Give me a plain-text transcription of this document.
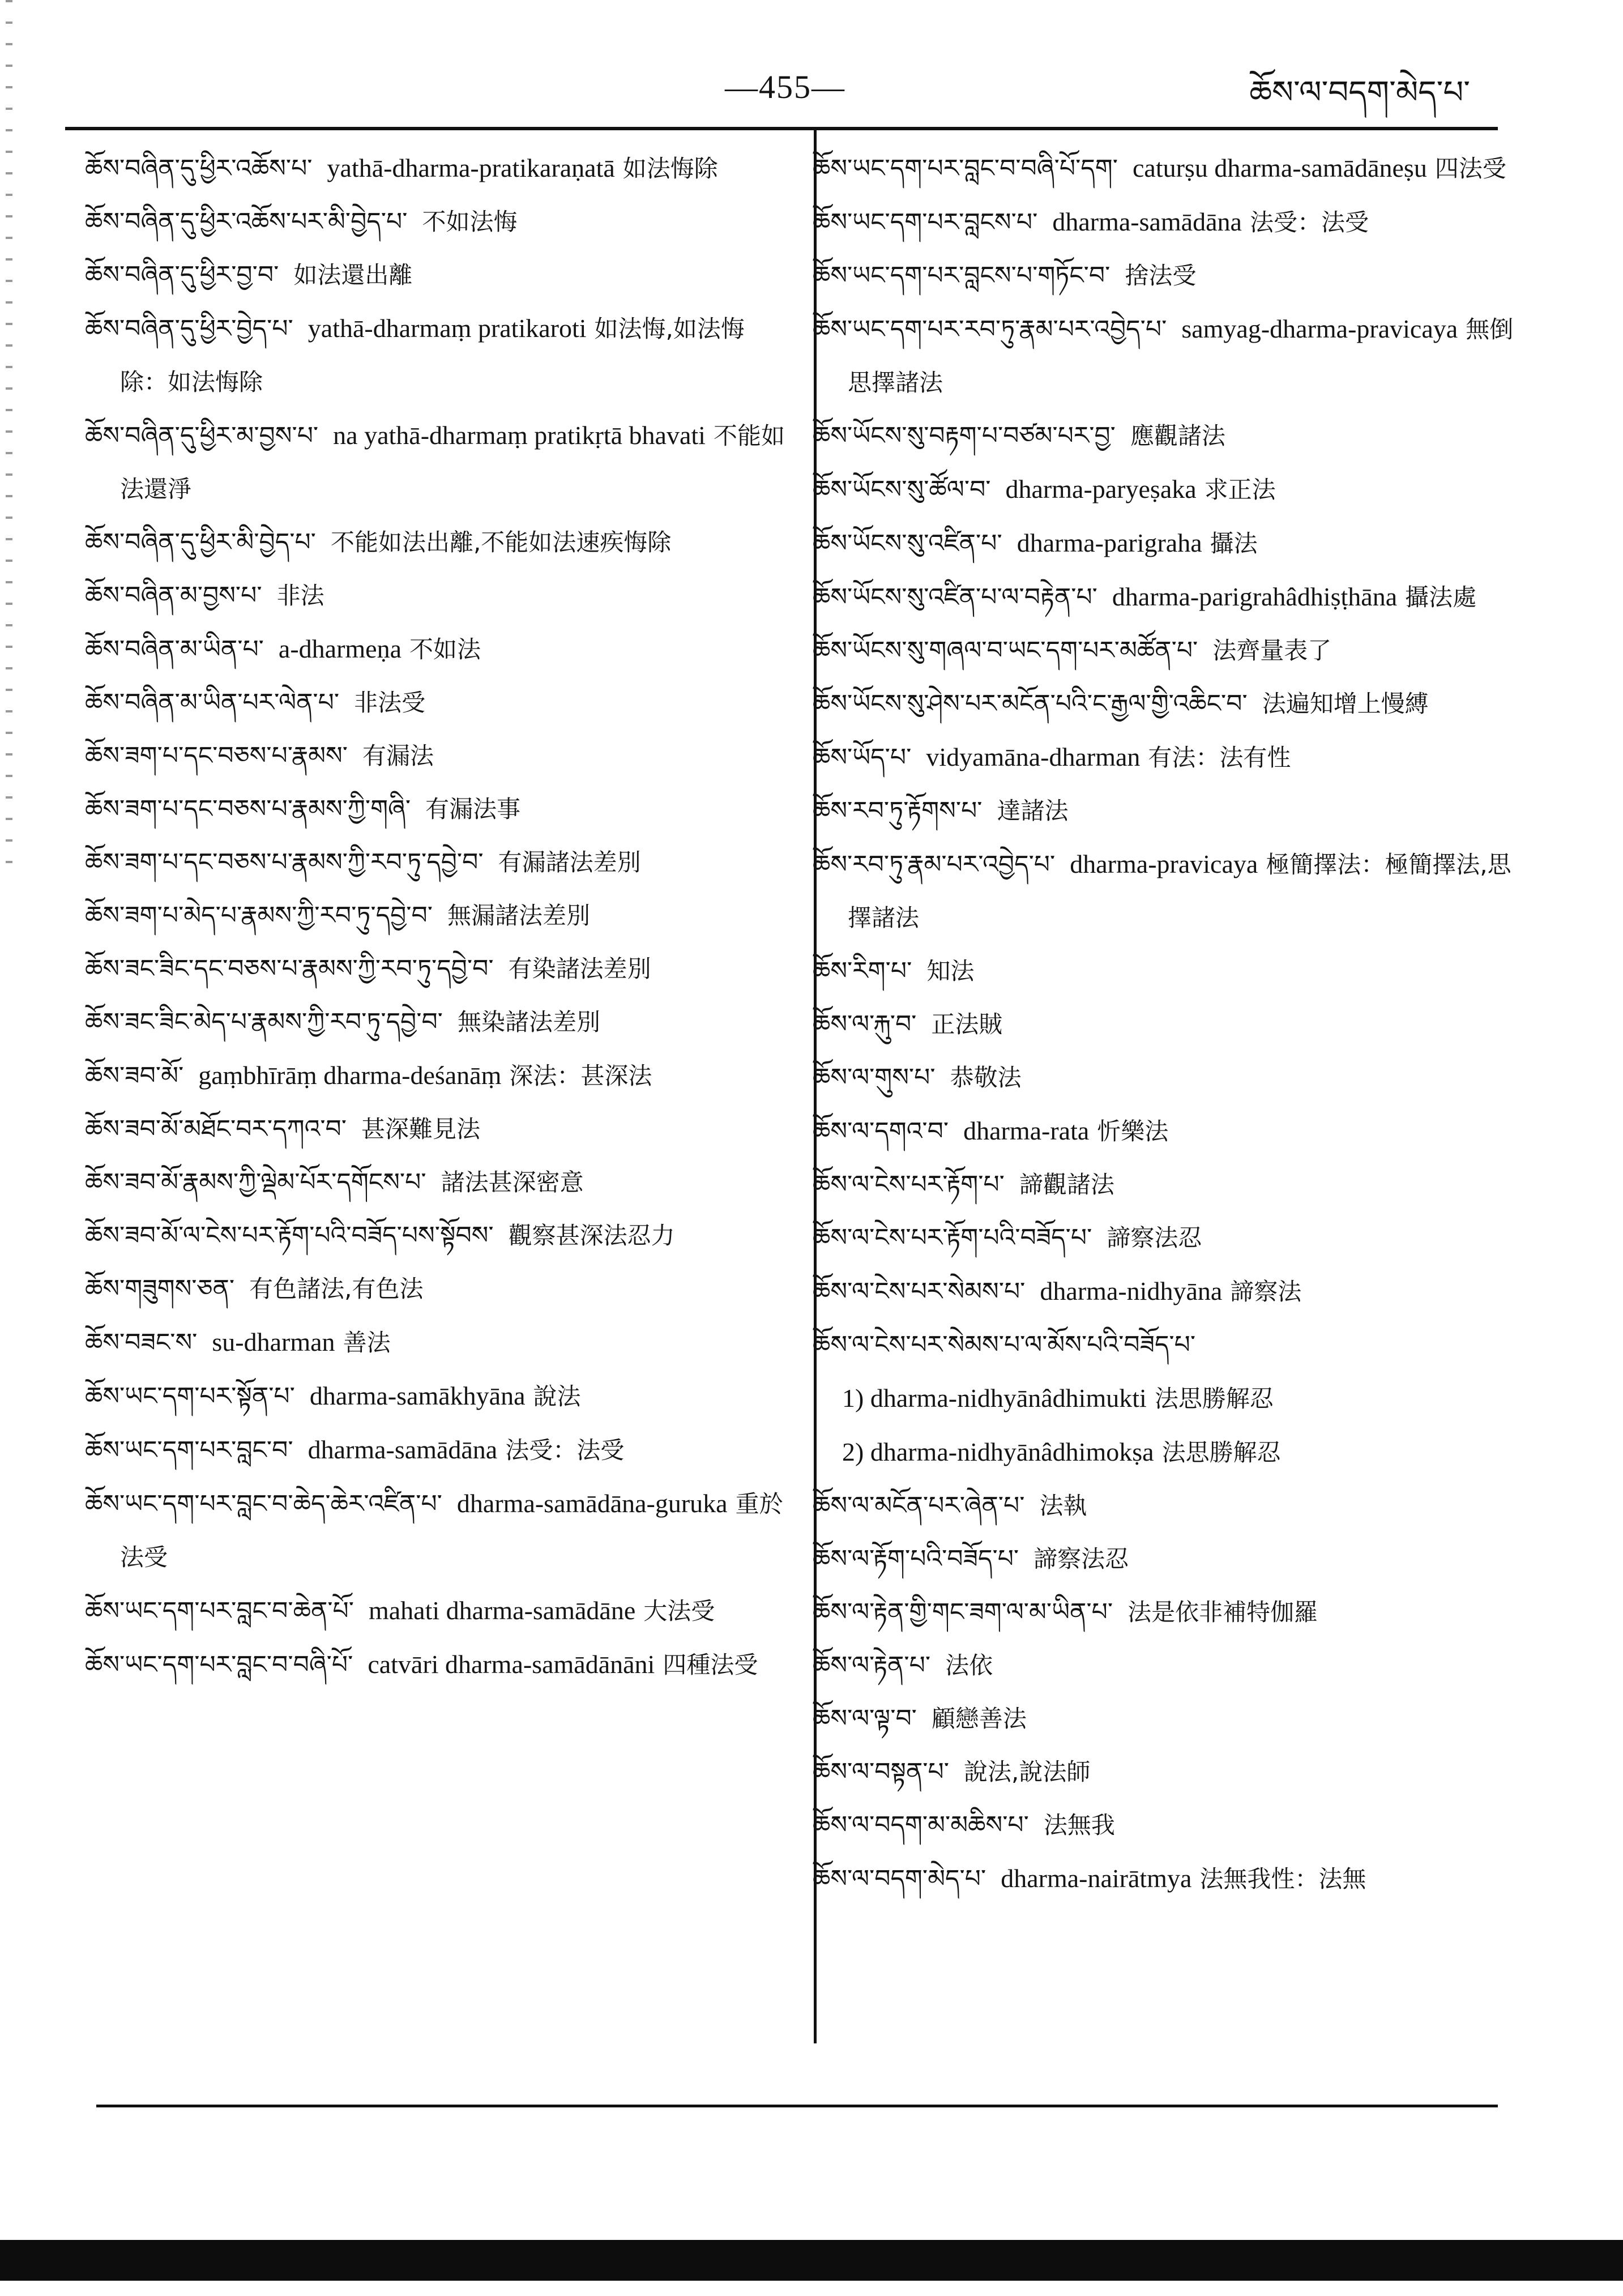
—455—	ཆོས་ལ་བདག་མེད་པ་
ཆོས་བཞིན་དུ་ཕྱིར་འཆོས་པ་ yathā-dharma-pratikaraṇatā 如法悔除
ཆོས་བཞིན་དུ་ཕྱིར་འཆོས་པར་མི་བྱེད་པ་ 不如法悔
ཆོས་བཞིན་དུ་ཕྱིར་བྱ་བ་ 如法還出離
ཆོས་བཞིན་དུ་ཕྱིར་བྱེད་པ་ yathā-dharmaṃ pratikaroti 如法悔,如法悔除：如法悔除
ཆོས་བཞིན་དུ་ཕྱིར་མ་བྱས་པ་ na yathā-dharmaṃ pratikṛtā bhavati 不能如法還淨
ཆོས་བཞིན་དུ་ཕྱིར་མི་བྱེད་པ་ 不能如法出離,不能如法速疾悔除
ཆོས་བཞིན་མ་བྱས་པ་ 非法
ཆོས་བཞིན་མ་ཡིན་པ་ a-dharmeṇa 不如法
ཆོས་བཞིན་མ་ཡིན་པར་ལེན་པ་ 非法受
ཆོས་ཟག་པ་དང་བཅས་པ་རྣམས་ 有漏法
ཆོས་ཟག་པ་དང་བཅས་པ་རྣམས་ཀྱི་གཞི་ 有漏法事
ཆོས་ཟག་པ་དང་བཅས་པ་རྣམས་ཀྱི་རབ་ཏུ་དབྱེ་བ་ 有漏諸法差別
ཆོས་ཟག་པ་མེད་པ་རྣམས་ཀྱི་རབ་ཏུ་དབྱེ་བ་ 無漏諸法差別
ཆོས་ཟང་ཟིང་དང་བཅས་པ་རྣམས་ཀྱི་རབ་ཏུ་དབྱེ་བ་ 有染諸法差別
ཆོས་ཟང་ཟིང་མེད་པ་རྣམས་ཀྱི་རབ་ཏུ་དབྱེ་བ་ 無染諸法差別
ཆོས་ཟབ་མོ་ gaṃbhīrāṃ dharma-deśanāṃ 深法：甚深法
ཆོས་ཟབ་མོ་མཐོང་བར་དཀའ་བ་ 甚深難見法
ཆོས་ཟབ་མོ་རྣམས་ཀྱི་ལྡེམ་པོར་དགོངས་པ་ 諸法甚深密意
ཆོས་ཟབ་མོ་ལ་ངེས་པར་རྟོག་པའི་བཟོད་པས་སྟོབས་ 觀察甚深法忍力
ཆོས་གཟུགས་ཅན་ 有色諸法,有色法
ཆོས་བཟང་ས་ su-dharman 善法
ཆོས་ཡང་དག་པར་སྟོན་པ་ dharma-samākhyāna 說法
ཆོས་ཡང་དག་པར་བླང་བ་ dharma-samādāna 法受：法受
ཆོས་ཡང་དག་པར་བླང་བ་ཆེད་ཆེར་འཛིན་པ་ dharma-samādāna-guruka 重於法受
ཆོས་ཡང་དག་པར་བླང་བ་ཆེན་པོ་ mahati dharma-samādāne 大法受
ཆོས་ཡང་དག་པར་བླང་བ་བཞི་པོ་ catvāri dharma-samādānāni 四種法受
ཆོས་ཡང་དག་པར་བླང་བ་བཞི་པོ་དག་ caturṣu dharma-samādāneṣu 四法受
ཆོས་ཡང་དག་པར་བླངས་པ་ dharma-samādāna 法受：法受
ཆོས་ཡང་དག་པར་བླངས་པ་གཏོང་བ་ 捨法受
ཆོས་ཡང་དག་པར་རབ་ཏུ་རྣམ་པར་འབྱེད་པ་ samyag-dharma-pravicaya 無倒思擇諸法
ཆོས་ཡོངས་སུ་བརྟག་པ་བཙམ་པར་བྱ་ 應觀諸法
ཆོས་ཡོངས་སུ་ཚོལ་བ་ dharma-paryeṣaka 求正法
ཆོས་ཡོངས་སུ་འཛིན་པ་ dharma-parigraha 攝法
ཆོས་ཡོངས་སུ་འཛིན་པ་ལ་བརྟེན་པ་ dharma-parigrahâdhiṣṭhāna 攝法處
ཆོས་ཡོངས་སུ་གཞལ་བ་ཡང་དག་པར་མཚོན་པ་ 法齊量表了
ཆོས་ཡོངས་སུ་ཤེས་པར་མངོན་པའི་ང་རྒྱལ་གྱི་འཆིང་བ་ 法遍知增上慢縛
ཆོས་ཡོད་པ་ vidyamāna-dharman 有法：法有性
ཆོས་རབ་ཏུ་རྟོགས་པ་ 達諸法
ཆོས་རབ་ཏུ་རྣམ་པར་འབྱེད་པ་ dharma-pravicaya 極簡擇法：極簡擇法,思擇諸法
ཆོས་རིག་པ་ 知法
ཆོས་ལ་རྐུ་བ་ 正法賊
ཆོས་ལ་གུས་པ་ 恭敬法
ཆོས་ལ་དགའ་བ་ dharma-rata 忻樂法
ཆོས་ལ་ངེས་པར་རྟོག་པ་ 諦觀諸法
ཆོས་ལ་ངེས་པར་རྟོག་པའི་བཟོད་པ་ 諦察法忍
ཆོས་ལ་ངེས་པར་སེམས་པ་ dharma-nidhyāna 諦察法
ཆོས་ལ་ངེས་པར་སེམས་པ་ལ་མོས་པའི་བཟོད་པ་
1) dharma-nidhyānâdhimukti 法思勝解忍
2) dharma-nidhyānâdhimokṣa 法思勝解忍
ཆོས་ལ་མངོན་པར་ཞེན་པ་ 法執
ཆོས་ལ་རྟོག་པའི་བཟོད་པ་ 諦察法忍
ཆོས་ལ་རྟེན་གྱི་གང་ཟག་ལ་མ་ཡིན་པ་ 法是依非補特伽羅
ཆོས་ལ་རྟེན་པ་ 法依
ཆོས་ལ་ལྟ་བ་ 顧戀善法
ཆོས་ལ་བསྟན་པ་ 說法,說法師
ཆོས་ལ་བདག་མ་མཆིས་པ་ 法無我
ཆོས་ལ་བདག་མེད་པ་ dharma-nairātmya 法無我性：法無
